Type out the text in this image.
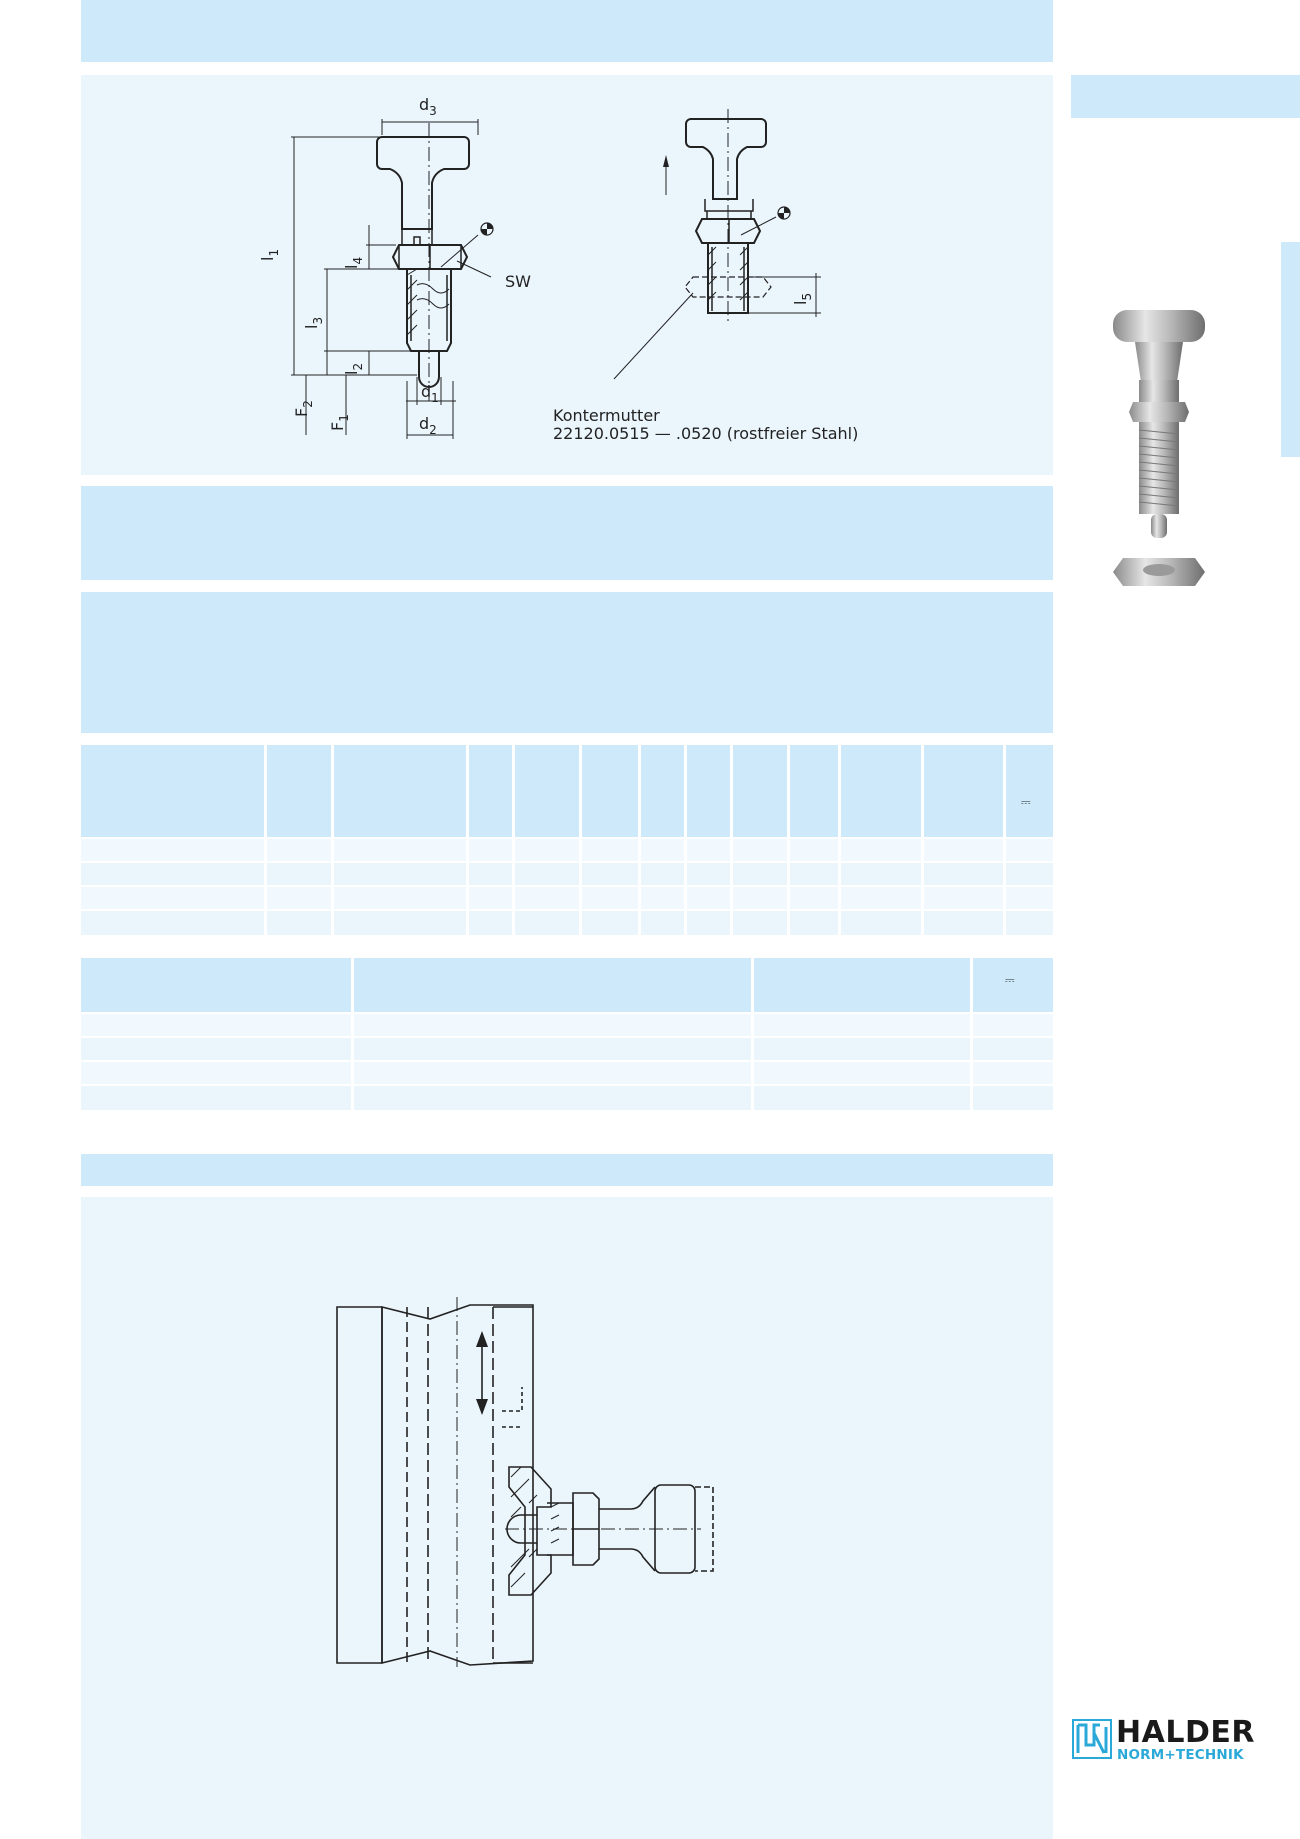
$d_3$
$l_1$
$l_4$
SW
$l_3$
$l_2$
$d_1$
$F_2$
$F_1$	$d_2$
$l_5$
Kontermutter
22120.0515 — .0520 (rostfreier Stahl)
⎓
⎓
HALDER
NORM+TECHNIK
